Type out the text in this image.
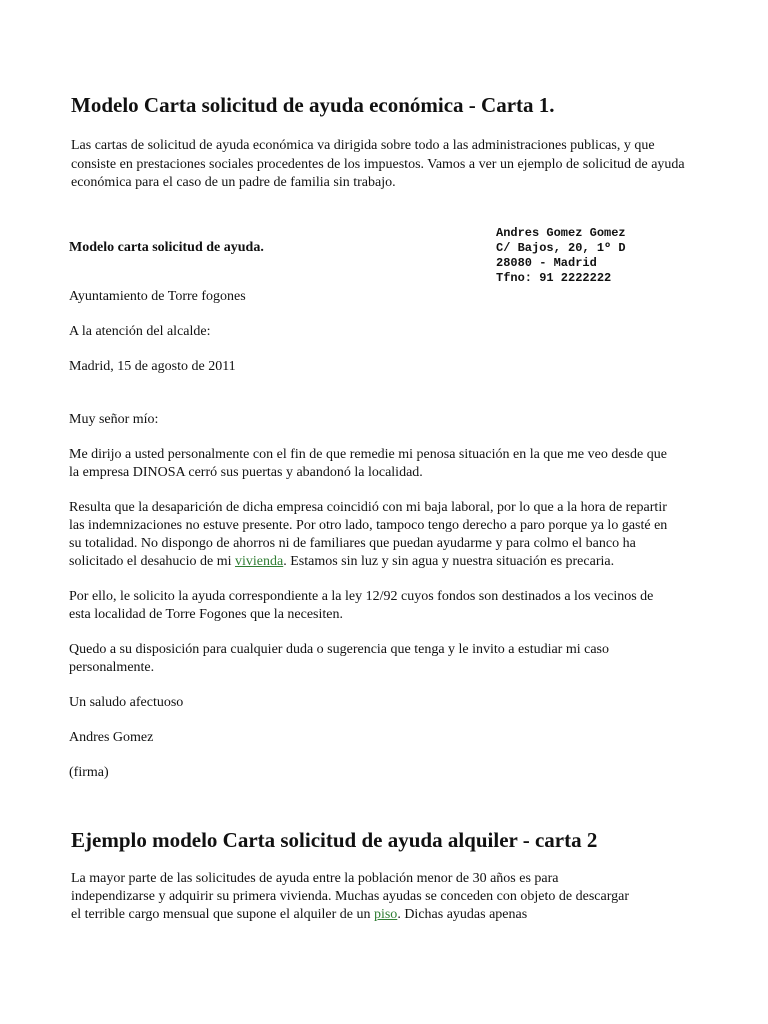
Modelo Carta solicitud de ayuda económica - Carta 1.

Las cartas de solicitud de ayuda económica va dirigida sobre todo a las administraciones publicas, y que consiste en prestaciones sociales procedentes de los impuestos. Vamos a ver un ejemplo de solicitud de ayuda económica para el caso de un padre de familia sin trabajo.

Andres Gomez Gomez
C/ Bajos, 20, 1º D
28080 - Madrid
Tfno: 91 2222222

Modelo carta solicitud de ayuda.

Ayuntamiento de Torre fogones

A la atención del alcalde:

Madrid, 15 de agosto de 2011

Muy señor mío:

Me dirijo a usted personalmente con el fin de que remedie mi penosa situación en la que me veo desde que la empresa DINOSA cerró sus puertas y abandonó la localidad.

Resulta que la desaparición de dicha empresa coincidió con mi baja laboral, por lo que a la hora de repartir las indemnizaciones no estuve presente. Por otro lado, tampoco tengo derecho a paro porque ya lo gasté en su totalidad. No dispongo de ahorros ni de familiares que puedan ayudarme y para colmo el banco ha solicitado el desahucio de mi vivienda. Estamos sin luz y sin agua y nuestra situación es precaria.

Por ello, le solicito la ayuda correspondiente a la ley 12/92 cuyos fondos son destinados a los vecinos de esta localidad de Torre Fogones que la necesiten.

Quedo a su disposición para cualquier duda o sugerencia que tenga y le invito a estudiar mi caso personalmente.

Un saludo afectuoso

Andres Gomez

(firma)

Ejemplo modelo Carta solicitud de ayuda alquiler - carta 2

La mayor parte de las solicitudes de ayuda entre la población menor de 30 años es para independizarse y adquirir su primera vivienda. Muchas ayudas se conceden con objeto de descargar el terrible cargo mensual que supone el alquiler de un piso. Dichas ayudas apenas
